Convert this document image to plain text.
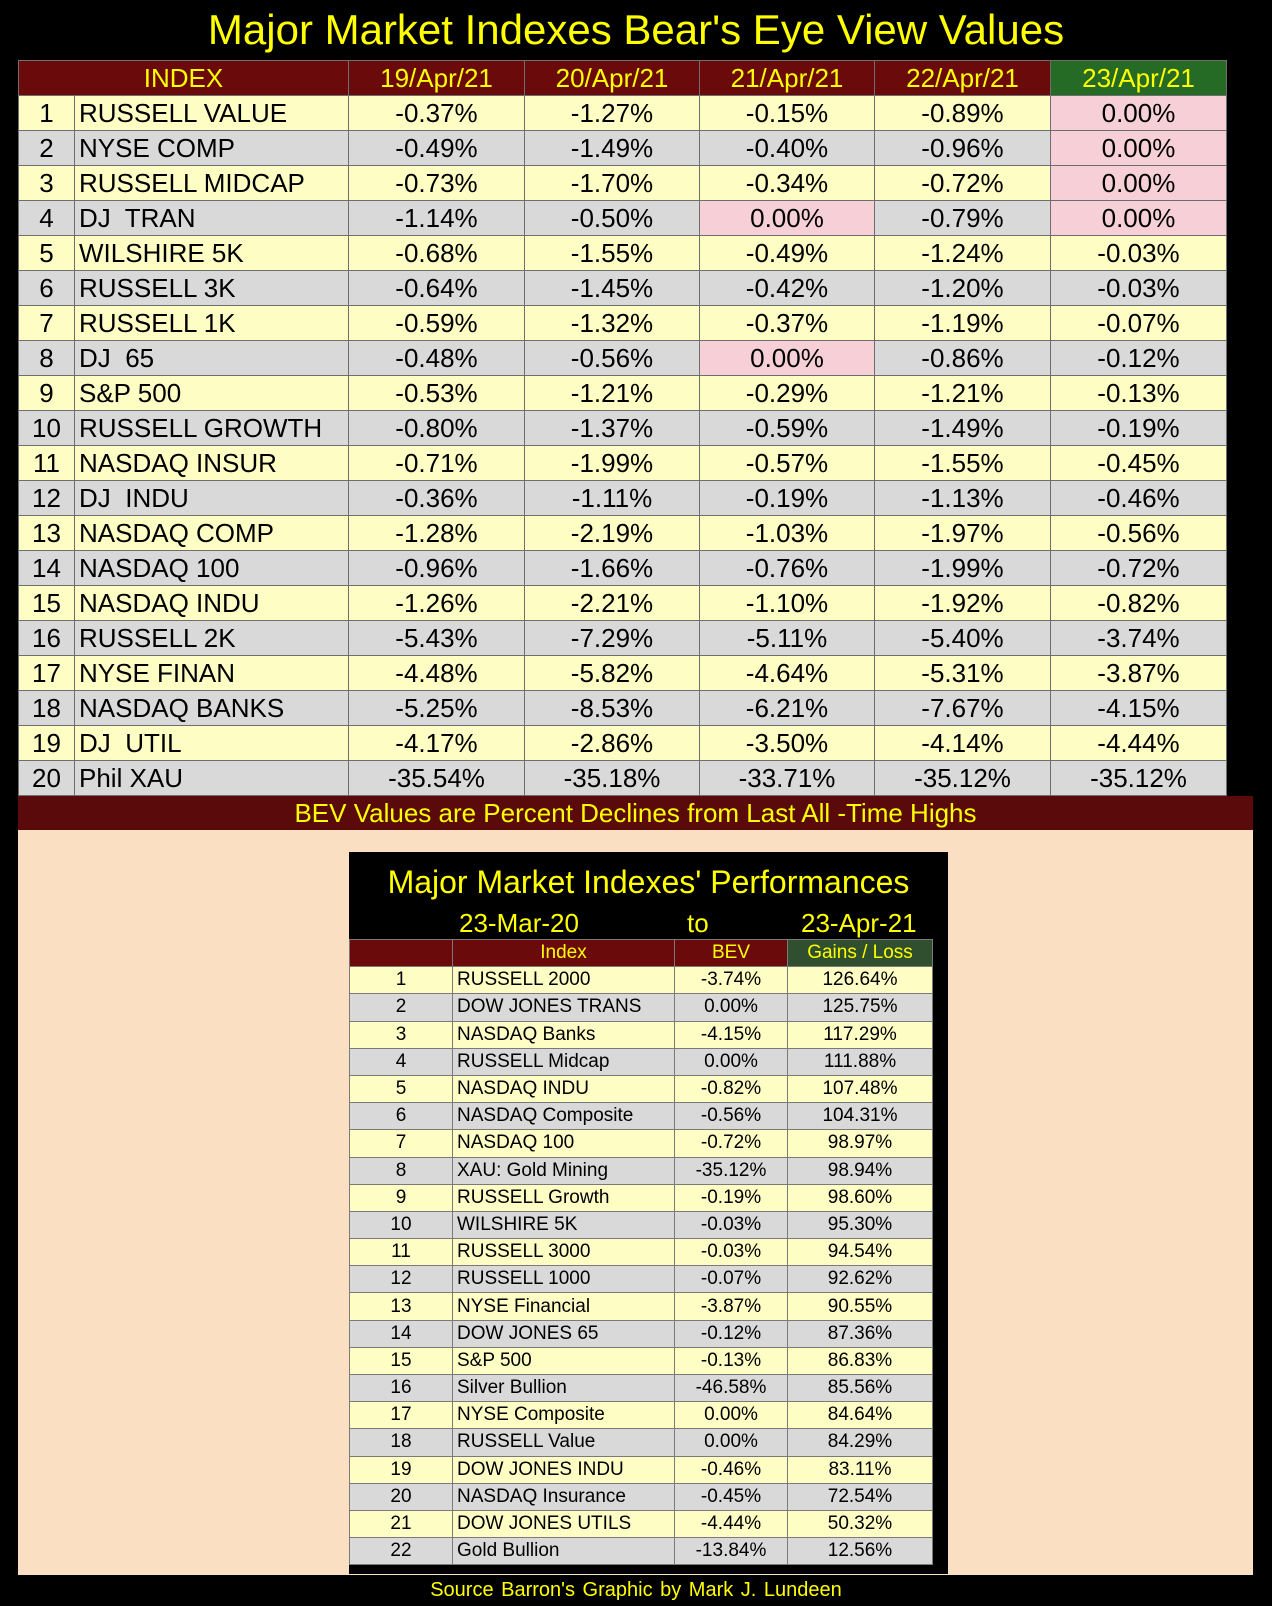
Major Market Indexes Bear's Eye View Values
INDEX		19/Apr/21	20/Apr/21	21/Apr/21	22/Apr/21	23/Apr/21
1	RUSSELL VALUE	-0.37%	-1.27%	-0.15%	-0.89%	0.00%
2	NYSE COMP	-0.49%	-1.49%	-0.40%	-0.96%	0.00%
3	RUSSELL MIDCAP	-0.73%	-1.70%	-0.34%	-0.72%	0.00%
4	DJ  TRAN	-1.14%	-0.50%	0.00%	-0.79%	0.00%
5	WILSHIRE 5K	-0.68%	-1.55%	-0.49%	-1.24%	-0.03%
6	RUSSELL 3K	-0.64%	-1.45%	-0.42%	-1.20%	-0.03%
7	RUSSELL 1K	-0.59%	-1.32%	-0.37%	-1.19%	-0.07%
8	DJ  65	-0.48%	-0.56%	0.00%	-0.86%	-0.12%
9	S&P 500	-0.53%	-1.21%	-0.29%	-1.21%	-0.13%
10	RUSSELL GROWTH	-0.80%	-1.37%	-0.59%	-1.49%	-0.19%
11	NASDAQ INSUR	-0.71%	-1.99%	-0.57%	-1.55%	-0.45%
12	DJ  INDU	-0.36%	-1.11%	-0.19%	-1.13%	-0.46%
13	NASDAQ COMP	-1.28%	-2.19%	-1.03%	-1.97%	-0.56%
14	NASDAQ 100	-0.96%	-1.66%	-0.76%	-1.99%	-0.72%
15	NASDAQ INDU	-1.26%	-2.21%	-1.10%	-1.92%	-0.82%
16	RUSSELL 2K	-5.43%	-7.29%	-5.11%	-5.40%	-3.74%
17	NYSE FINAN	-4.48%	-5.82%	-4.64%	-5.31%	-3.87%
18	NASDAQ BANKS	-5.25%	-8.53%	-6.21%	-7.67%	-4.15%
19	DJ  UTIL	-4.17%	-2.86%	-3.50%	-4.14%	-4.44%
20	Phil XAU	-35.54%	-35.18%	-33.71%	-35.12%	-35.12%
BEV Values are Percent Declines from Last All -Time Highs
Major Market Indexes' Performances
23-Mar-20	to	23-Apr-21
	Index	BEV	Gains / Loss
1	RUSSELL 2000	-3.74%	126.64%
2	DOW JONES TRANS	0.00%	125.75%
3	NASDAQ Banks	-4.15%	117.29%
4	RUSSELL Midcap	0.00%	111.88%
5	NASDAQ INDU	-0.82%	107.48%
6	NASDAQ Composite	-0.56%	104.31%
7	NASDAQ 100	-0.72%	98.97%
8	XAU: Gold Mining	-35.12%	98.94%
9	RUSSELL Growth	-0.19%	98.60%
10	WILSHIRE 5K	-0.03%	95.30%
11	RUSSELL 3000	-0.03%	94.54%
12	RUSSELL 1000	-0.07%	92.62%
13	NYSE Financial	-3.87%	90.55%
14	DOW JONES 65	-0.12%	87.36%
15	S&P 500	-0.13%	86.83%
16	Silver Bullion	-46.58%	85.56%
17	NYSE Composite	0.00%	84.64%
18	RUSSELL Value	0.00%	84.29%
19	DOW JONES INDU	-0.46%	83.11%
20	NASDAQ Insurance	-0.45%	72.54%
21	DOW JONES UTILS	-4.44%	50.32%
22	Gold Bullion	-13.84%	12.56%
Source Barron's Graphic by Mark J. Lundeen
